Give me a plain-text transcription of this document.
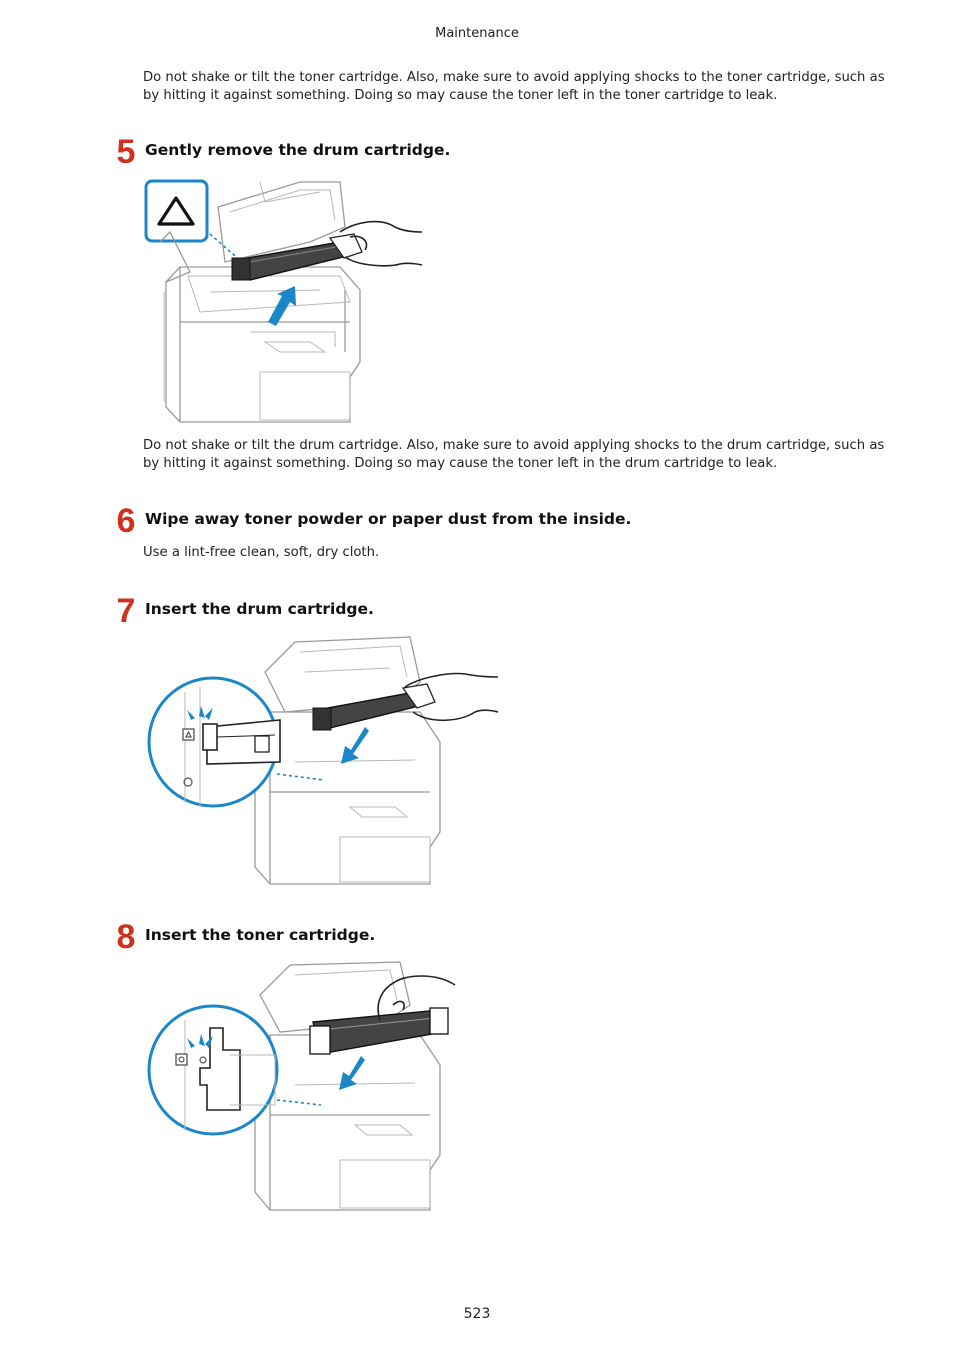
Maintenance
Do not shake or tilt the toner cartridge. Also, make sure to avoid applying shocks to the toner cartridge, such as by hitting it against something. Doing so may cause the toner left in the toner cartridge to leak.
5 Gently remove the drum cartridge.
Do not shake or tilt the drum cartridge. Also, make sure to avoid applying shocks to the drum cartridge, such as by hitting it against something. Doing so may cause the toner left in the drum cartridge to leak.
6 Wipe away toner powder or paper dust from the inside.
Use a lint-free clean, soft, dry cloth.
7 Insert the drum cartridge.
8 Insert the toner cartridge.
523
